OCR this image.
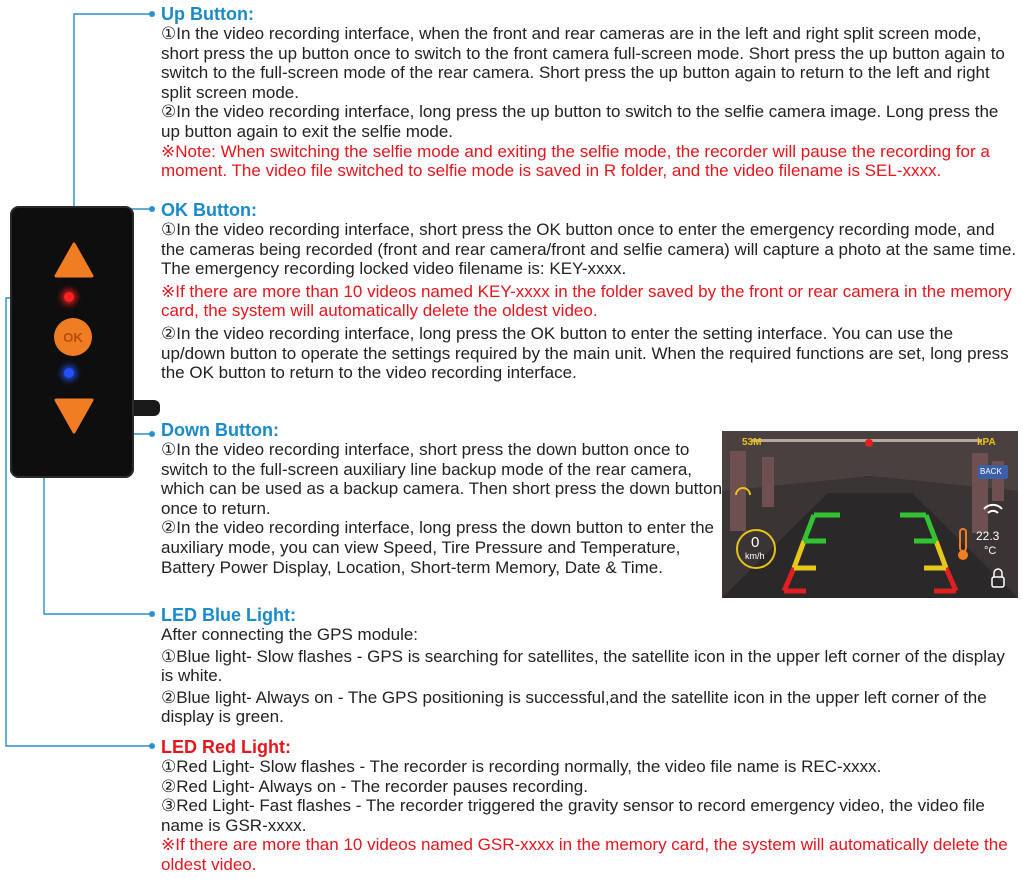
OK

Up Button:

①In the video recording interface, when the front and rear cameras are in the left and right split screen mode, short press the up button once to switch to the front camera full-screen mode. Short press the up button again to switch to the full-screen mode of the rear camera. Short press the up button again to return to the left and right split screen mode.

②In the video recording interface, long press the up button to switch to the selfie camera image. Long press the up button again to exit the selfie mode.

※Note: When switching the selfie mode and exiting the selfie mode, the recorder will pause the recording for a moment. The video file switched to selfie mode is saved in R folder, and the video filename is SEL-xxxx.

OK Button:

①In the video recording interface, short press the OK button once to enter the emergency recording mode, and the cameras being recorded (front and rear camera/front and selfie camera) will capture a photo at the same time. The emergency recording locked video filename is: KEY-xxxx.

※If there are more than 10 videos named KEY-xxxx in the folder saved by the front or rear camera in the memory card, the system will automatically delete the oldest video.

②In the video recording interface, long press the OK button to enter the setting interface. You can use the up/down button to operate the settings required by the main unit. When the required functions are set, long press the OK button to return to the video recording interface.

Down Button:

①In the video recording interface, short press the down button once to switch to the full-screen auxiliary line backup mode of the rear camera, which can be used as a backup camera. Then short press the down button once to return.

②In the video recording interface, long press the down button to enter the auxiliary mode, you can view Speed, Tire Pressure and Temperature, Battery Power Display, Location, Short-term Memory, Date & Time.

LED Blue Light:

After connecting the GPS module:

①Blue light- Slow flashes - GPS is searching for satellites, the satellite icon in the upper left corner of the display is white.

②Blue light- Always on - The GPS positioning is successful,and the satellite icon in the upper left corner of the display is green.

LED Red Light:

①Red Light- Slow flashes - The recorder is recording normally, the video file name is REC-xxxx.

②Red Light- Always on - The recorder pauses recording.

③Red Light- Fast flashes - The recorder triggered the gravity sensor to record emergency video, the video file name is GSR-xxxx.

※If there are more than 10 videos named GSR-xxxx in the memory card, the system will automatically delete the oldest video.

53M	kPA
BACK
0
km/h
22.3
°C
